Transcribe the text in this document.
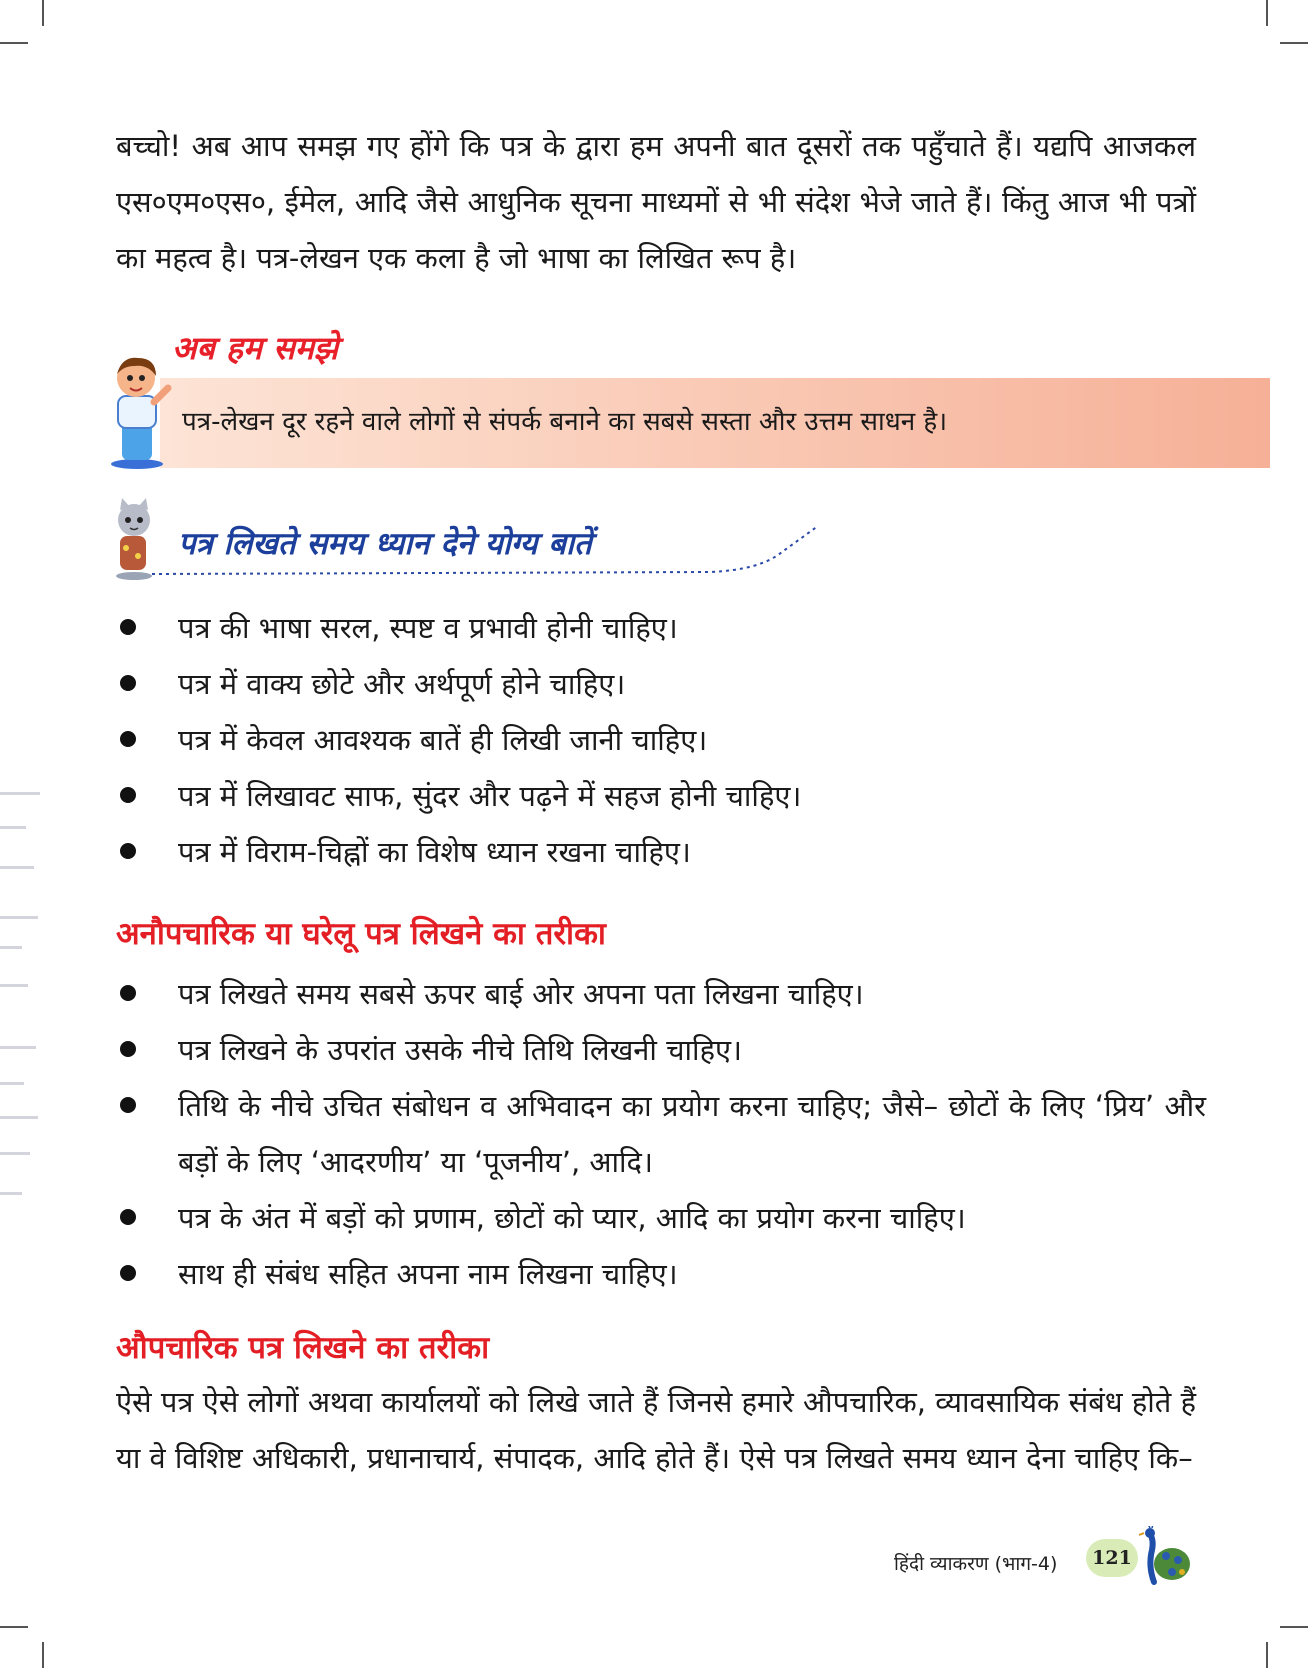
बच्चो! अब आप समझ गए होंगे कि पत्र के द्वारा हम अपनी बात दूसरों तक पहुँचाते हैं। यद्यपि आजकल एस०एम०एस०, ईमेल, आदि जैसे आधुनिक सूचना माध्यमों से भी संदेश भेजे जाते हैं। किंतु आज भी पत्रों का महत्व है। पत्र-लेखन एक कला है जो भाषा का लिखित रूप है।

अब हम समझे

पत्र-लेखन दूर रहने वाले लोगों से संपर्क बनाने का सबसे सस्ता और उत्तम साधन है।

पत्र लिखते समय ध्यान देने योग्य बातें
पत्र की भाषा सरल, स्पष्ट व प्रभावी होनी चाहिए।
पत्र में वाक्य छोटे और अर्थपूर्ण होने चाहिए।
पत्र में केवल आवश्यक बातें ही लिखी जानी चाहिए।
पत्र में लिखावट साफ, सुंदर और पढ़ने में सहज होनी चाहिए।
पत्र में विराम-चिह्नों का विशेष ध्यान रखना चाहिए।
अनौपचारिक या घरेलू पत्र लिखने का तरीका
पत्र लिखते समय सबसे ऊपर बाई ओर अपना पता लिखना चाहिए।
पत्र लिखने के उपरांत उसके नीचे तिथि लिखनी चाहिए।
तिथि के नीचे उचित संबोधन व अभिवादन का प्रयोग करना चाहिए; जैसे– छोटों के लिए ‘प्रिय’ और बड़ों के लिए ‘आदरणीय’ या ‘पूजनीय’, आदि।
पत्र के अंत में बड़ों को प्रणाम, छोटों को प्यार, आदि का प्रयोग करना चाहिए।
साथ ही संबंध सहित अपना नाम लिखना चाहिए।
औपचारिक पत्र लिखने का तरीका

ऐसे पत्र ऐसे लोगों अथवा कार्यालयों को लिखे जाते हैं जिनसे हमारे औपचारिक, व्यावसायिक संबंध होते हैं या वे विशिष्ट अधिकारी, प्रधानाचार्य, संपादक, आदि होते हैं। ऐसे पत्र लिखते समय ध्यान देना चाहिए कि–

हिंदी व्याकरण (भाग-4)	121
